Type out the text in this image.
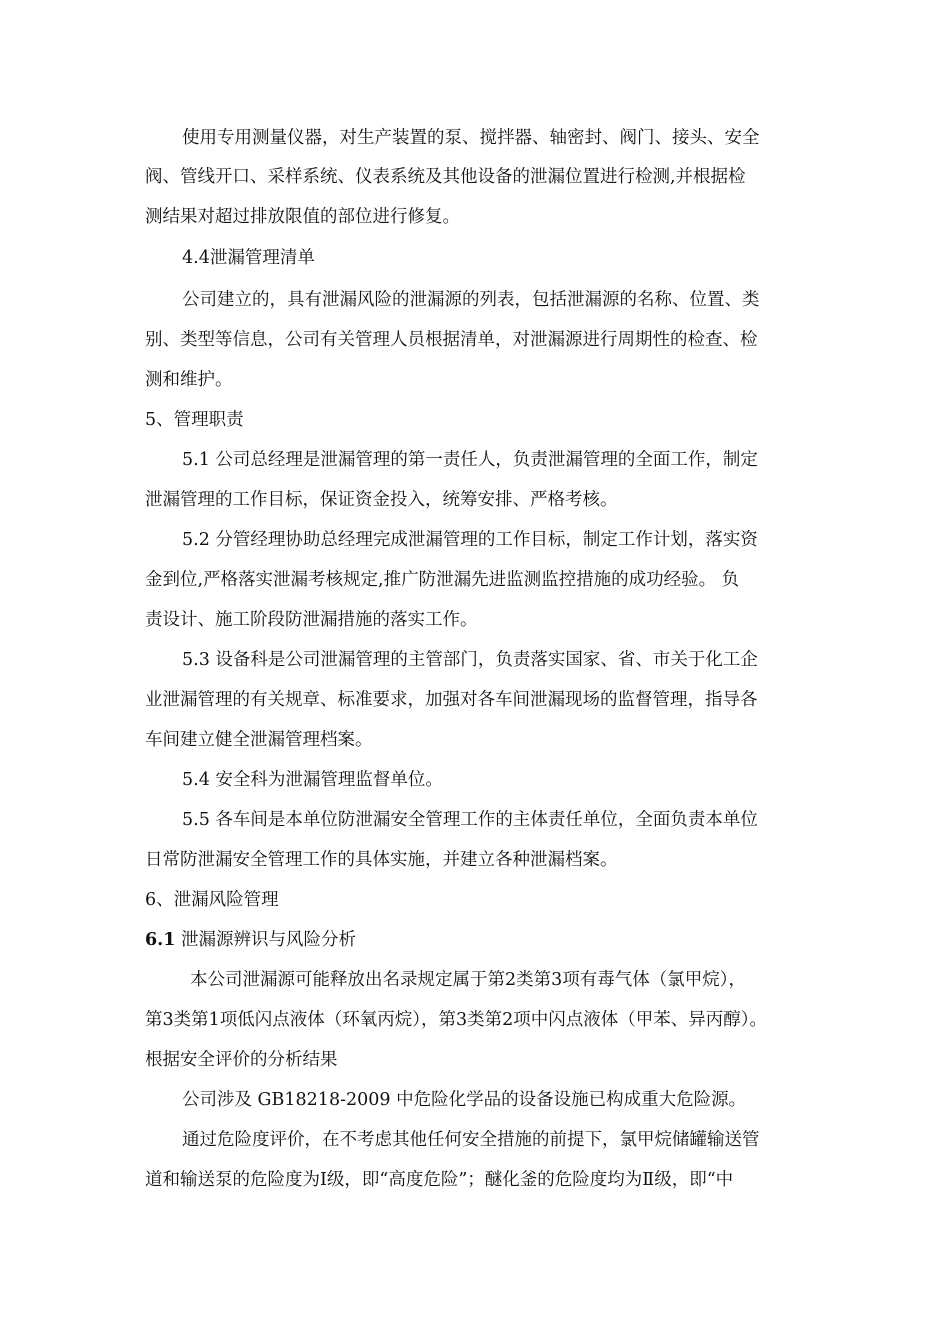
使用专用测量仪器，对生产装置的泵、搅拌器、轴密封、阀门、接头、安全
阀、管线开口、采样系统、仪表系统及其他设备的泄漏位置进行检测,并根据检
测结果对超过排放限值的部位进行修复。
4.4泄漏管理清单
公司建立的，具有泄漏风险的泄漏源的列表，包括泄漏源的名称、位置、类
别、类型等信息，公司有关管理人员根据清单，对泄漏源进行周期性的检查、检
测和维护。
5、管理职责
5.1 公司总经理是泄漏管理的第一责任人，负责泄漏管理的全面工作，制定
泄漏管理的工作目标，保证资金投入，统筹安排、严格考核。
5.2 分管经理协助总经理完成泄漏管理的工作目标，制定工作计划，落实资
金到位,严格落实泄漏考核规定,推广防泄漏先进监测监控措施的成功经验。 负
责设计、施工阶段防泄漏措施的落实工作。
5.3 设备科是公司泄漏管理的主管部门，负责落实国家、省、市关于化工企
业泄漏管理的有关规章、标准要求，加强对各车间泄漏现场的监督管理，指导各
车间建立健全泄漏管理档案。
5.4 安全科为泄漏管理监督单位。
5.5 各车间是本单位防泄漏安全管理工作的主体责任单位，全面负责本单位
日常防泄漏安全管理工作的具体实施，并建立各种泄漏档案。
6、泄漏风险管理
6.1 泄漏源辨识与风险分析
本公司泄漏源可能释放出名录规定属于第2类第3项有毒气体（氯甲烷），
第3类第1项低闪点液体（环氧丙烷），第3类第2项中闪点液体（甲苯、异丙醇）。
根据安全评价的分析结果
公司涉及 GB18218-2009 中危险化学品的设备设施已构成重大危险源。
通过危险度评价，在不考虑其他任何安全措施的前提下，氯甲烷储罐输送管
道和输送泵的危险度为Ⅰ级，即“高度危险”；醚化釜的危险度均为Ⅱ级，即“中
